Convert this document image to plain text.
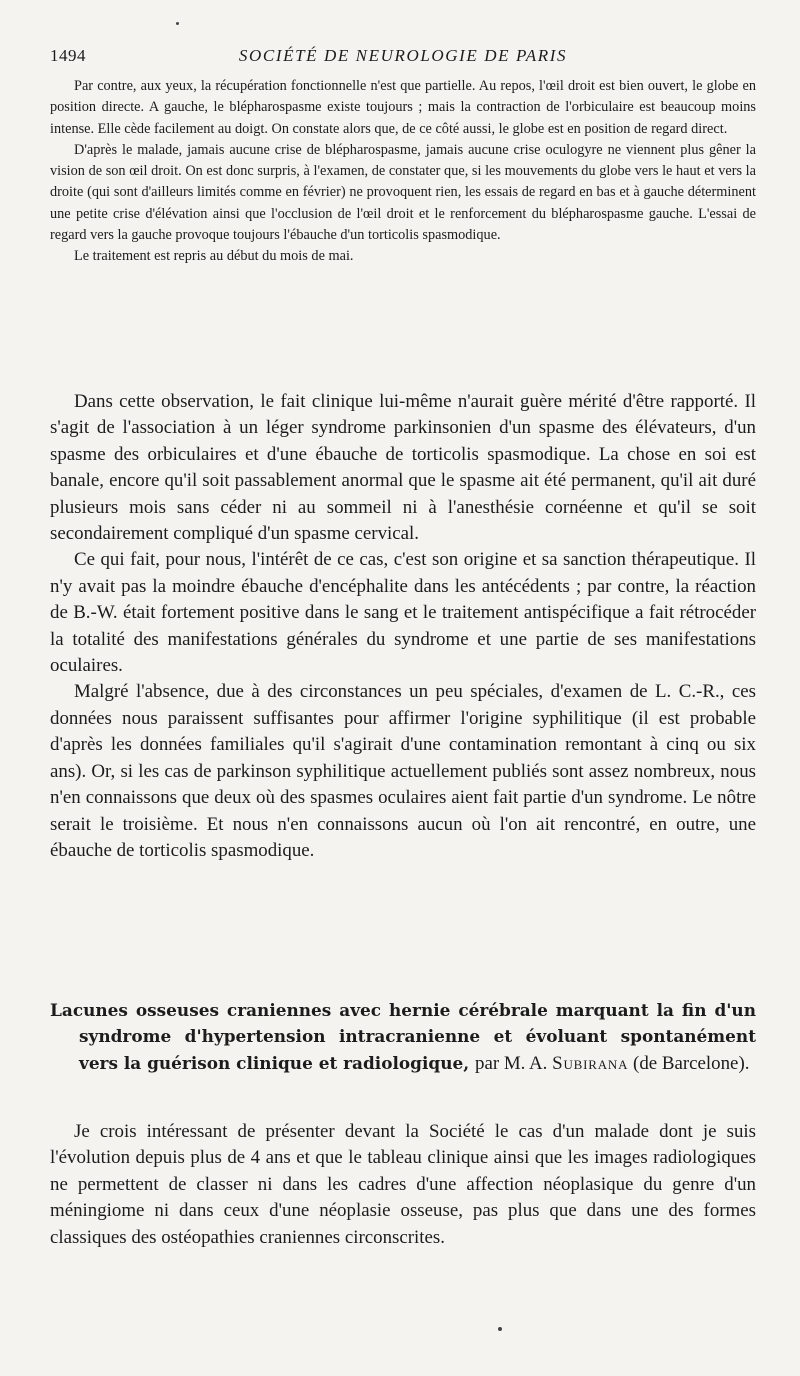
1494	SOCIÉTÉ DE NEUROLOGIE DE PARIS

Par contre, aux yeux, la récupération fonctionnelle n'est que partielle. Au repos, l'œil droit est bien ouvert, le globe en position directe. A gauche, le blépharospasme existe toujours ; mais la contraction de l'orbiculaire est beaucoup moins intense. Elle cède facilement au doigt. On constate alors que, de ce côté aussi, le globe est en position de regard direct.

D'après le malade, jamais aucune crise de blépharospasme, jamais aucune crise oculogyre ne viennent plus gêner la vision de son œil droit. On est donc surpris, à l'examen, de constater que, si les mouvements du globe vers le haut et vers la droite (qui sont d'ailleurs limités comme en février) ne provoquent rien, les essais de regard en bas et à gauche déterminent une petite crise d'élévation ainsi que l'occlusion de l'œil droit et le renforcement du blépharospasme gauche. L'essai de regard vers la gauche provoque toujours l'ébauche d'un torticolis spasmodique.

Le traitement est repris au début du mois de mai.

Dans cette observation, le fait clinique lui-même n'aurait guère mérité d'être rapporté. Il s'agit de l'association à un léger syndrome parkinsonien d'un spasme des élévateurs, d'un spasme des orbiculaires et d'une ébauche de torticolis spasmodique. La chose en soi est banale, encore qu'il soit passablement anormal que le spasme ait été permanent, qu'il ait duré plusieurs mois sans céder ni au sommeil ni à l'anesthésie cornéenne et qu'il se soit secondairement compliqué d'un spasme cervical.

Ce qui fait, pour nous, l'intérêt de ce cas, c'est son origine et sa sanction thérapeutique. Il n'y avait pas la moindre ébauche d'encéphalite dans les antécédents ; par contre, la réaction de B.-W. était fortement positive dans le sang et le traitement antispécifique a fait rétrocéder la totalité des manifestations générales du syndrome et une partie de ses manifestations oculaires.

Malgré l'absence, due à des circonstances un peu spéciales, d'examen de L. C.-R., ces données nous paraissent suffisantes pour affirmer l'origine syphilitique (il est probable d'après les données familiales qu'il s'agirait d'une contamination remontant à cinq ou six ans). Or, si les cas de parkinson syphilitique actuellement publiés sont assez nombreux, nous n'en connaissons que deux où des spasmes oculaires aient fait partie d'un syndrome. Le nôtre serait le troisième. Et nous n'en connaissons aucun où l'on ait rencontré, en outre, une ébauche de torticolis spasmodique.

Lacunes osseuses craniennes avec hernie cérébrale marquant la fin d'un syndrome d'hypertension intracranienne et évoluant spontanément vers la guérison clinique et radiologique, par M. A. Subirana (de Barcelone).

Je crois intéressant de présenter devant la Société le cas d'un malade dont je suis l'évolution depuis plus de 4 ans et que le tableau clinique ainsi que les images radiologiques ne permettent de classer ni dans les cadres d'une affection néoplasique du genre d'un méningiome ni dans ceux d'une néoplasie osseuse, pas plus que dans une des formes classiques des ostéopathies craniennes circonscrites.
